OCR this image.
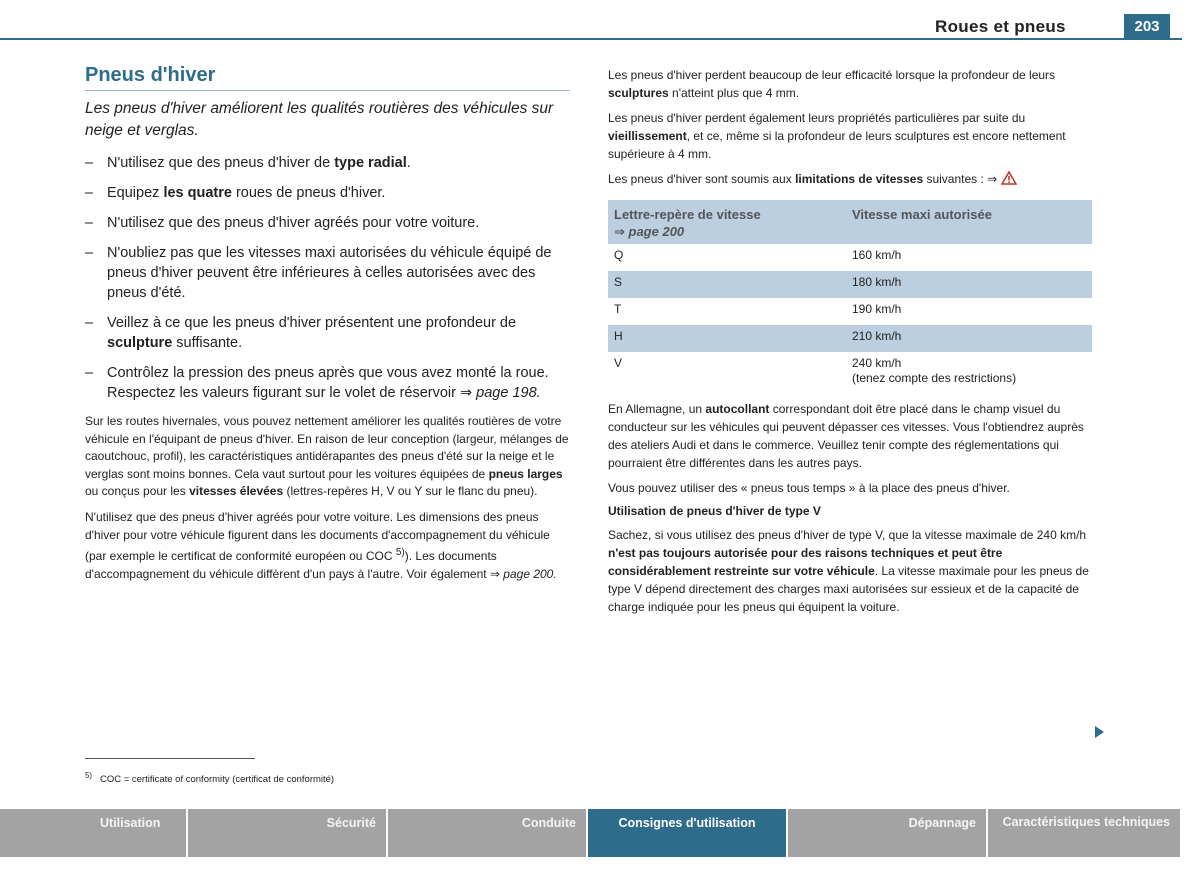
Roues et pneus	203
Pneus d'hiver

Les pneus d'hiver améliorent les qualités routières des véhicules sur neige et verglas.

– N'utilisez que des pneus d'hiver de type radial.
– Equipez les quatre roues de pneus d'hiver.
– N'utilisez que des pneus d'hiver agréés pour votre voiture.
– N'oubliez pas que les vitesses maxi autorisées du véhicule équipé de pneus d'hiver peuvent être inférieures à celles autorisées avec des pneus d'été.
– Veillez à ce que les pneus d'hiver présentent une profondeur de sculpture suffisante.
– Contrôlez la pression des pneus après que vous avez monté la roue. Respectez les valeurs figurant sur le volet de réservoir ⇒ page 198.

Sur les routes hivernales, vous pouvez nettement améliorer les qualités routières de votre véhicule en l'équipant de pneus d'hiver. En raison de leur conception (largeur, mélanges de caoutchouc, profil), les caractéristiques antidérapantes des pneus d'été sur la neige et le verglas sont moins bonnes. Cela vaut surtout pour les voitures équipées de pneus larges ou conçus pour les vitesses élevées (lettres-repères H, V ou Y sur le flanc du pneu).

N'utilisez que des pneus d'hiver agréés pour votre voiture. Les dimensions des pneus d'hiver pour votre véhicule figurent dans les documents d'accompagnement du véhicule (par exemple le certificat de conformité européen ou COC $^{5)}$). Les documents d'accompagnement du véhicule diffèrent d'un pays à l'autre. Voir également ⇒ page 200.

$^{5)}$ COC = certificate of conformity (certificat de conformité)

Les pneus d'hiver perdent beaucoup de leur efficacité lorsque la profondeur de leurs sculptures n'atteint plus que 4 mm.

Les pneus d'hiver perdent également leurs propriétés particulières par suite du vieillissement, et ce, même si la profondeur de leurs sculptures est encore nettement supérieure à 4 mm.

Les pneus d'hiver sont soumis aux limitations de vitesses suivantes : ⇒

Lettre-repère de vitesse
⇒ page 200	Vitesse maxi autorisée
Q	160 km/h
S	180 km/h
T	190 km/h
H	210 km/h
V	240 km/h
(tenez compte des restrictions)

En Allemagne, un autocollant correspondant doit être placé dans le champ visuel du conducteur sur les véhicules qui peuvent dépasser ces vitesses. Vous l'obtiendrez auprès des ateliers Audi et dans le commerce. Veuillez tenir compte des réglementations qui pourraient être différentes dans les autres pays.

Vous pouvez utiliser des « pneus tous temps » à la place des pneus d'hiver.

Utilisation de pneus d'hiver de type V

Sachez, si vous utilisez des pneus d'hiver de type V, que la vitesse maximale de 240 km/h n'est pas toujours autorisée pour des raisons techniques et peut être considérablement restreinte sur votre véhicule. La vitesse maximale pour les pneus de type V dépend directement des charges maxi autorisées sur essieux et de la capacité de charge indiquée pour les pneus qui équipent la voiture.

Utilisation	Sécurité	Conduite	Consignes d'utilisation	Dépannage	Caractéristiques techniques
